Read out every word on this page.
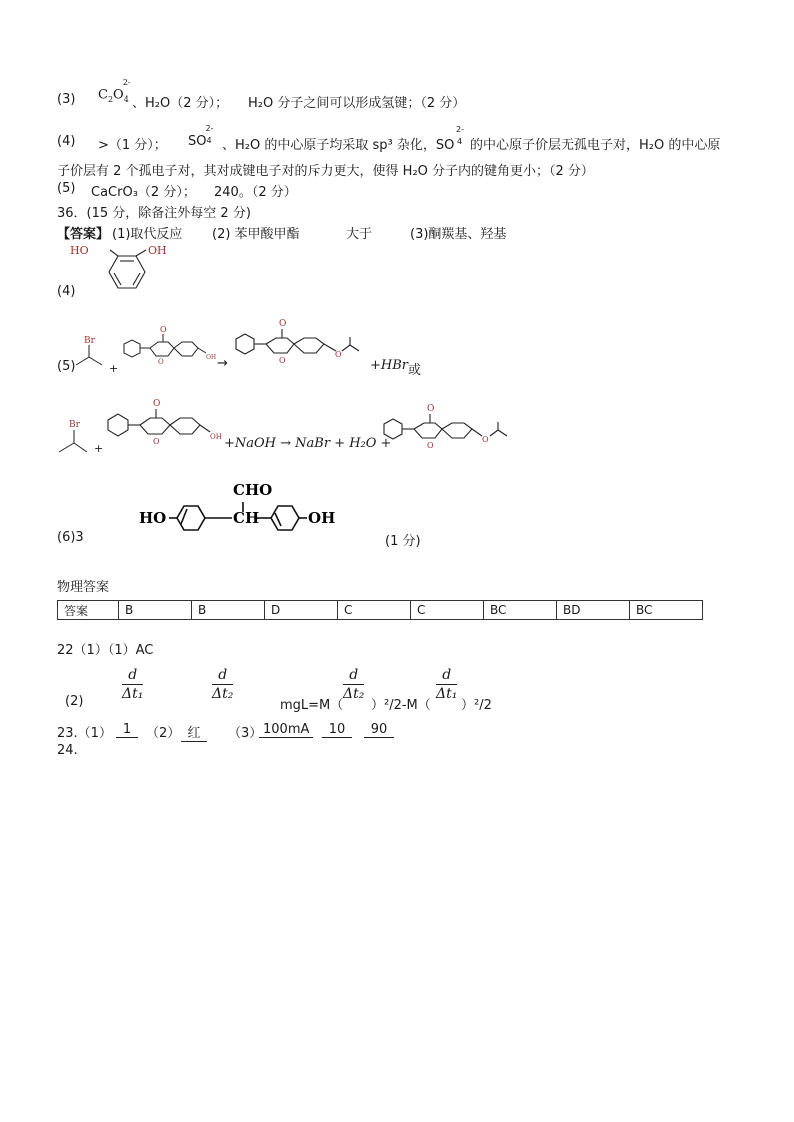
(3) $C_2O_4^{2-}$
、H₂O（2 分）； H₂O 分子之间可以形成氢键；（2 分）
(4) >（1 分）； SO
2-
4 、H₂O 的中心原子均采取 sp³ 杂化，SO
2-
4 的中心原子价层无孤电子对，H₂O 的中心原
子价层有 2 个孤电子对，其对成键电子对的斥力更大，使得 H₂O 分子内的键角更小；（2 分）
(5) CaCrO₃（2 分）； 240。（2 分）
36．(15 分，除备注外每空 2 分)
【答案】 (1)取代反应 (2) 苯甲酸甲酯	大于	(3)酮羰基、羟基
(4)
HO	OH
(5)
Br
+
O
O
OH →
O
O
O
+HBr 或
Br
+
O
O	OH +NaOH → NaBr + H₂O +
O
O
O
(6)3
HO	CH
CHO
OH
(1 分)
物理答案
答案	B	B	D	C	C	BC	BD	BC
22（1）（1）AC
(2)
$\frac{d}{\text{Δt₁}}$	$\frac{d}{\text{Δt₂}}$
mgL=M（
$\frac{d}{\text{Δt₂}}$
）²/2-M（
$\frac{d}{\text{Δt₁}}$
）²/2
23.（1） 1	（2） 红	（3） 100mA	10	90
24.
